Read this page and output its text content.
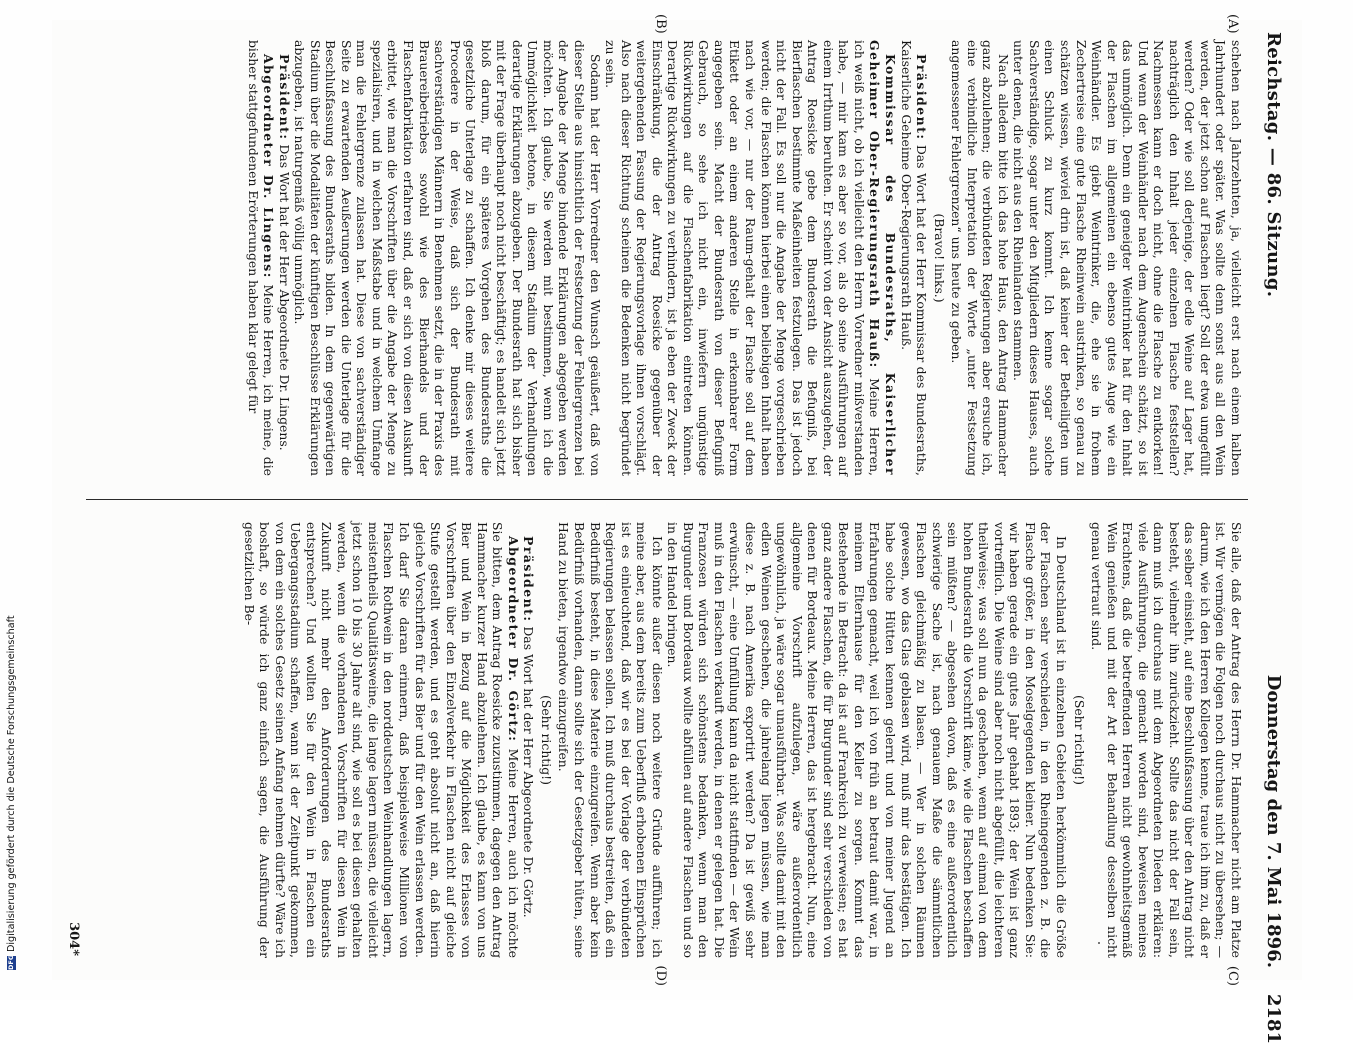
Reichstag. — 86. Sitzung.
Donnerstag den 7. Mai 1896.
2181
(A)
(B)
(C)
(D)

schehen nach Jahrzehnten, ja, vielleicht erst nach einem halben Jahrhundert oder später. Was sollte denn sonst aus all den Wein werden, der jetzt schon auf Flaschen liegt? Soll der etwa umgefüllt werden? Oder wie soll derjenige, der edle Weine auf Lager hat, nachträglich den Inhalt jeder einzelnen Flasche feststellen? Nachmessen kann er doch nicht, ohne die Flasche zu entkorken! Und wenn der Weinhändler nach dem Augenschein schätzt, so ist das unmöglich. Denn ein geneigter Weintrinker hat für den Inhalt der Flaschen im allgemeinen ein ebenso gutes Auge wie ein Weinhändler. Es giebt Weintrinker, die, ehe sie in frohem Zechertreise eine gute Flasche Rheinwein austrinken, so genau zu schätzen wissen, wieviel drin ist, daß keiner der Betheiligten um einen Schluck zu kurz kommt. Ich kenne sogar solche Sachverständige, sogar unter den Mitgliedern dieses Hauses, auch unter denen, die nicht aus den Rheinlanden stammen.

Nach alledem bitte ich das hohe Haus, den Antrag Hammacher ganz abzulehnen; die verbündeten Regierungen aber ersuche ich, eine verbindliche Interpretation der Worte „unter Festsetzung angemessener Fehlergrenzen“ uns heute zu geben.

(Bravo! links.)

Präsident: Das Wort hat der Herr Kommissar des Bundesraths, Kaiserliche Geheime Ober-Regierungsrath Hauß.

Kommissar des Bundesraths, Kaiserlicher Geheimer Ober-Regierungsrath Hauß: Meine Herren, ich weiß nicht, ob ich vielleicht den Herrn Vorredner mißverstanden habe, — mir kam es aber so vor, als ob seine Ausführungen auf einem Irrthum beruhten. Er scheint von der Ansicht auszugehen, der Antrag Roesicke gebe dem Bundesrath die Befugniß, bei Bierflaschen bestimmte Maßeinheiten festzulegen. Das ist jedoch nicht der Fall. Es soll nur die Angabe der Menge vorgeschrieben werden; die Flaschen können hierbei einen beliebigen Inhalt haben nach wie vor, — nur der Raum-gehalt der Flasche soll auf dem Etikett oder an einem anderen Stelle in erkennbarer Form angegeben sein. Macht der Bundesrath von dieser Befugniß Gebrauch, so sehe ich nicht ein, inwiefern ungünstige Rückwirkungen auf die Flaschenfabrikation eintreten können. Derartige Rückwirkungen zu verhindern, ist ja eben der Zweck der Einschränkung, die der Antrag Roesicke gegenüber der weitergehenden Fassung der Regierungsvorlage ihnen vorschlägt. Also nach dieser Richtung scheinen die Bedenken nicht begründet zu sein.

Sodann hat der Herr Vorredner den Wunsch geäußert, daß von dieser Stelle aus hinsichtlich der Festsetzung der Fehlergrenzen bei der Angabe der Menge bindende Erklärungen abgegeben werden möchten. Ich glaube, Sie werden mit bestimmen, wenn ich die Unmöglichkeit betone, in diesem Stadium der Verhandlungen derartige Erklärungen abzugeben. Der Bundesrath hat sich bisher mit der Frage überhaupt noch nicht beschäftigt; es handelt sich jetzt bloß darum, für ein späteres Vorgehen des Bundesraths die gesetzliche Unterlage zu schaffen. Ich denke mir dieses weitere Procedere in der Weise, daß sich der Bundesrath mit sachverständigen Männern in Benehmen setzt, die in der Praxis des Brauereibetriebes sowohl wie des Bierhandels und der Flaschenfabrikation erfahren sind, daß er sich von diesen Auskunft erbittet, wie man die Vorschriften über die Angabe der Menge zu spezialisiren, und in welchen Maßstabe und in welchem Umfange man die Fehlergrenze zulassen hat. Diese von sachverständiger Seite zu erwartenden Aeußerungen werden die Unterlage für die Beschlußfassung des Bundesraths bilden. In dem gegenwärtigen Stadium über die Modalitäten der künftigen Beschlüsse Erklärungen abzugeben, ist naturgemäß völlig unmöglich.

Präsident: Das Wort hat der Herr Abgeordnete Dr. Lingens.

Abgeordneter Dr. Lingens: Meine Herren, ich meine, die bisher stattgefundenen Erörterungen haben klar gelegt für

Sie alle, daß der Antrag des Herrn Dr. Hammacher nicht am Platze ist. Wir vermögen die Folgen noch durchaus nicht zu übersehen; — darum, wie ich den Herren Kollegen kenne, traue ich ihm zu, daß er das selber einsieht, auf eine Beschlußfassung über den Antrag nicht besteht, vielmehr ihn zurückzieht. Sollte das nicht der Fall sein, dann muß ich durchaus mit dem Abgeordneten Dieden erklären: viele Ausführungen, die gemacht worden sind, beweisen meines Erachtens, daß die betreffenden Herren nicht gewohnheitsgemäß Wein genießen und mit der Art der Behandlung desselben nicht genau vertraut sind.

(Sehr richtig!)

In Deutschland ist in einzelnen Gebieten herkömmlich die Größe der Flaschen sehr verschieden, in den Rheingegenden z. B. die Flasche größer, in den Moselgegenden kleiner. Nun bedenken Sie: wir haben gerade ein gutes Jahr gehabt 1893; der Wein ist ganz vortrefflich. Die Weine sind aber noch nicht abgefüllt, die leichteren theilweise; was soll nun da geschehen, wenn auf einmal von dem hohen Bundesrath die Vorschrift käme, wie die Flaschen beschaffen sein müßten? — abgesehen davon, daß es eine außerordentlich schwierige Sache ist, nach genauem Maße die sämmtlichen Flaschen gleichmäßig zu blasen. — Wer in solchen Räumen gewesen, wo das Glas geblasen wird, muß mir das bestätigen. Ich habe solche Hütten kennen gelernt und von meiner Jugend an Erfahrungen gemacht, weil ich von früh an betraut damit war, in meinem Elternhause für den Keller zu sorgen. Kommt das Bestehende in Betracht: da ist auf Frankreich zu verweisen; es hat ganz andere Flaschen, die für Burgunder sind sehr verschieden von denen für Bordeaux. Meine Herren, das ist hergebracht. Nun, eine allgemeine Vorschrift aufzulegen, wäre außerordentlich ungewöhnlich, ja wäre sogar unausführbar. Was sollte damit mit den edlen Weinen geschehen, die jahrelang liegen müssen, wie man diese z. B. nach Amerika exportirt werden? Da ist gewiß sehr erwünscht, — eine Umfüllung kann da nicht stattfinden — der Wein muß in den Flaschen verkauft werden, in denen er gelegen hat. Die Franzosen würden sich schönstens bedanken, wenn man den Burgunder und Bordeaux wollte abfüllen auf andere Flaschen und so in den Handel bringen.

Ich könnte außer diesen noch weitere Gründe aufführen; ich meine aber, aus dem bereits zum Ueberfluß erhobenen Einsprüchen ist es einleuchtend, daß wir es bei der Vorlage der verbündeten Regierungen belassen sollen. Ich muß durchaus bestreiten, daß ein Bedürfniß besteht, in diese Materie einzugreifen. Wenn aber kein Bedürfniß vorhanden, dann sollte sich der Gesetzgeber hüten, seine Hand zu bieten, irgendwo einzugreifen.

(Sehr richtig!)

Präsident: Das Wort hat der Herr Abgeordnete Dr. Görtz.

Abgeordneter Dr. Görtz: Meine Herren, auch ich möchte Sie bitten, dem Antrag Roesicke zuzustimmen, dagegen den Antrag Hammacher kurzer Hand abzulehnen. Ich glaube, es kann von uns Bier und Wein in Bezug auf die Möglichkeit des Erlasses von Vorschriften über den Einzelverkehr in Flaschen nicht auf gleiche Stufe gestellt werden, und es geht absolut nicht an, daß hierin gleiche Vorschriften für das Bier und für den Wein erlassen werden. Ich darf Sie daran erinnern, daß beispielsweise Millionen von Flaschen Rothwein in den norddeutschen Weinhandlungen lagern, meistentheils Qualitätsweine, die lange lagern müssen, die vielleicht jetzt schon 10 bis 30 Jahre alt sind, wie soll es bei diesen gehalten werden, wenn die vorhandenen Vorschriften für diesen Wein in Zukunft nicht mehr den Anforderungen des Bundesraths entsprechen? Und wollten Sie für den Wein in Flaschen ein Uebergangsstadium schaffen, wann ist der Zeitpunkt gekommen, von dem ein solches Gesetz seinen Anfang nehmen dürfte? Wäre ich boshaft, so würde ich ganz einfach sagen, die Ausführung der gesetzlichen Be-

304*
DFG
Digitalisierung gefördert durch die Deutsche Forschungsgemeinschaft
